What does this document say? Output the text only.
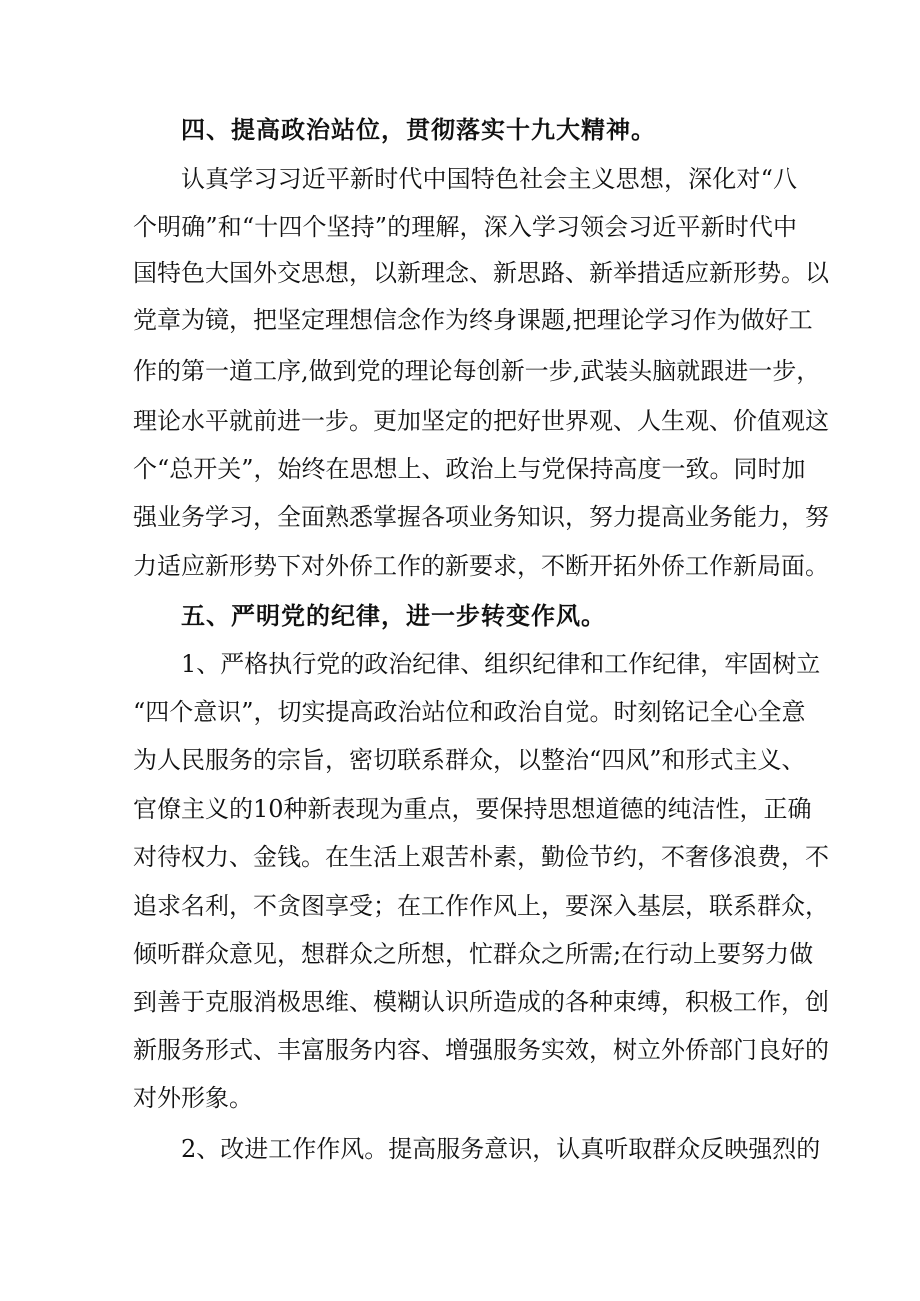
四、提高政治站位，贯彻落实十九大精神。
认真学习习近平新时代中国特色社会主义思想，深化对“八
个明确”和“十四个坚持”的理解，深入学习领会习近平新时代中
国特色大国外交思想，以新理念、新思路、新举措适应新形势。以
党章为镜，把坚定理想信念作为终身课题,把理论学习作为做好工
作的第一道工序,做到党的理论每创新一步,武装头脑就跟进一步，
理论水平就前进一步。更加坚定的把好世界观、人生观、价值观这
个“总开关”，始终在思想上、政治上与党保持高度一致。同时加
强业务学习，全面熟悉掌握各项业务知识，努力提高业务能力，努
力适应新形势下对外侨工作的新要求，不断开拓外侨工作新局面。
五、严明党的纪律，进一步转变作风。
1、严格执行党的政治纪律、组织纪律和工作纪律，牢固树立
“四个意识”，切实提高政治站位和政治自觉。时刻铭记全心全意
为人民服务的宗旨，密切联系群众，以整治“四风”和形式主义、
官僚主义的10种新表现为重点，要保持思想道德的纯洁性，正确
对待权力、金钱。在生活上艰苦朴素，勤俭节约，不奢侈浪费，不
追求名利，不贪图享受；在工作作风上，要深入基层，联系群众，
倾听群众意见，想群众之所想，忙群众之所需;在行动上要努力做
到善于克服消极思维、模糊认识所造成的各种束缚，积极工作，创
新服务形式、丰富服务内容、增强服务实效，树立外侨部门良好的
对外形象。
2、改进工作作风。提高服务意识，认真听取群众反映强烈的
